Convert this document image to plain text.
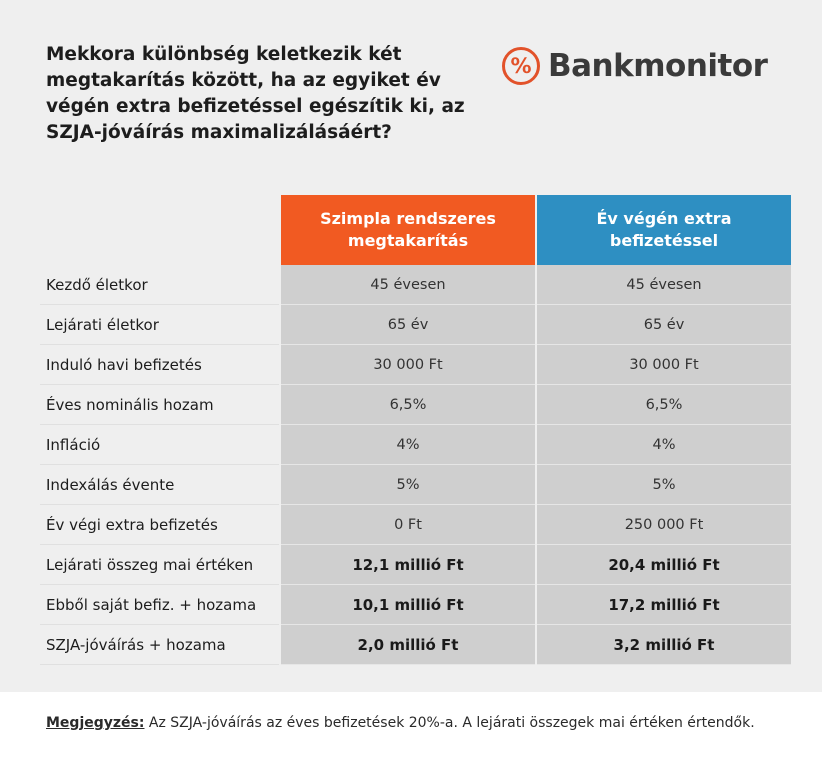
Mekkora különbség keletkezik két megtakarítás között, ha az egyiket év végén extra befizetéssel egészítik ki, az SZJA-jóváírás maximalizálásáért?
% Bankmonitor
Szimpla rendszeres megtakarítás
Év végén extra befizetéssel
Kezdő életkor	45 évesen	45 évesen
Lejárati életkor	65 év	65 év
Induló havi befizetés	30 000 Ft	30 000 Ft
Éves nominális hozam	6,5%	6,5%
Infláció	4%	4%
Indexálás évente	5%	5%
Év végi extra befizetés	0 Ft	250 000 Ft
Lejárati összeg mai értéken	12,1 millió Ft	20,4 millió Ft
Ebből saját befiz. + hozama	10,1 millió Ft	17,2 millió Ft
SZJA-jóváírás + hozama	2,0 millió Ft	3,2 millió Ft

Megjegyzés: Az SZJA-jóváírás az éves befizetések 20%-a. A lejárati összegek mai értéken értendők.
